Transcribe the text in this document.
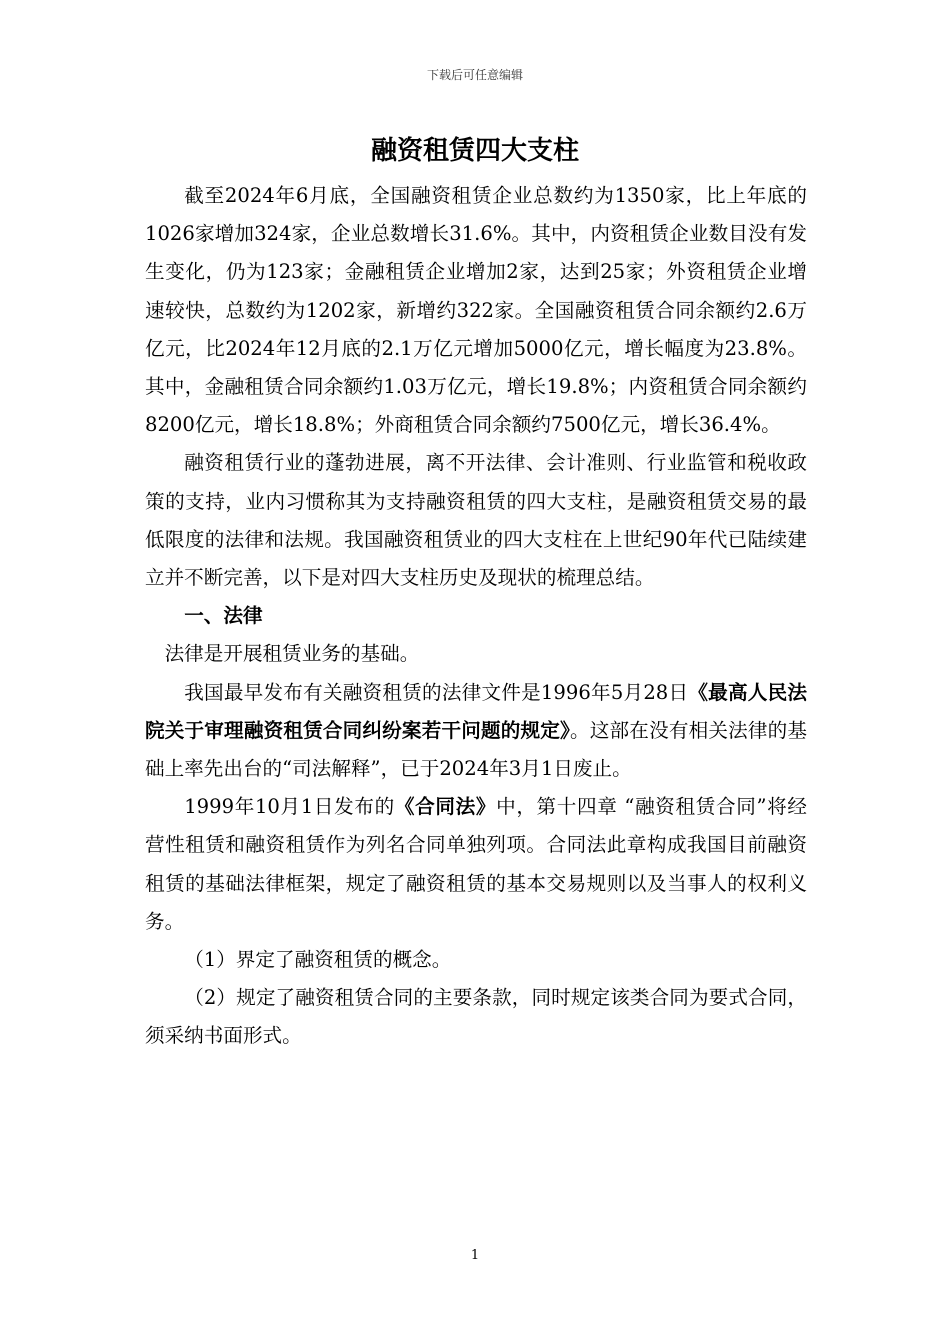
下载后可任意编辑
融资租赁四大支柱

截至2024年6月底，全国融资租赁企业总数约为1350家，比上年底的1026家增加324家，企业总数增长31.6%。其中，内资租赁企业数目没有发生变化，仍为123家；金融租赁企业增加2家，达到25家；外资租赁企业增速较快，总数约为1202家，新增约322家。全国融资租赁合同余额约2.6万亿元，比2024年12月底的2.1万亿元增加5000亿元，增长幅度为23.8%。其中，金融租赁合同余额约1.03万亿元，增长19.8%；内资租赁合同余额约8200亿元，增长18.8%；外商租赁合同余额约7500亿元，增长36.4%。

融资租赁行业的蓬勃进展，离不开法律、会计准则、行业监管和税收政策的支持，业内习惯称其为支持融资租赁的四大支柱，是融资租赁交易的最低限度的法律和法规。我国融资租赁业的四大支柱在上世纪90年代已陆续建立并不断完善，以下是对四大支柱历史及现状的梳理总结。

一、法律

法律是开展租赁业务的基础。

我国最早发布有关融资租赁的法律文件是1996年5月28日《最高人民法院关于审理融资租赁合同纠纷案若干问题的规定》。这部在没有相关法律的基础上率先出台的“司法解释”，已于2024年3月1日废止。

1999年10月1日发布的《合同法》中，第十四章 “融资租赁合同”将经营性租赁和融资租赁作为列名合同单独列项。合同法此章构成我国目前融资租赁的基础法律框架，规定了融资租赁的基本交易规则以及当事人的权利义务。

（1）界定了融资租赁的概念。

（2）规定了融资租赁合同的主要条款，同时规定该类合同为要式合同，须采纳书面形式。

1
